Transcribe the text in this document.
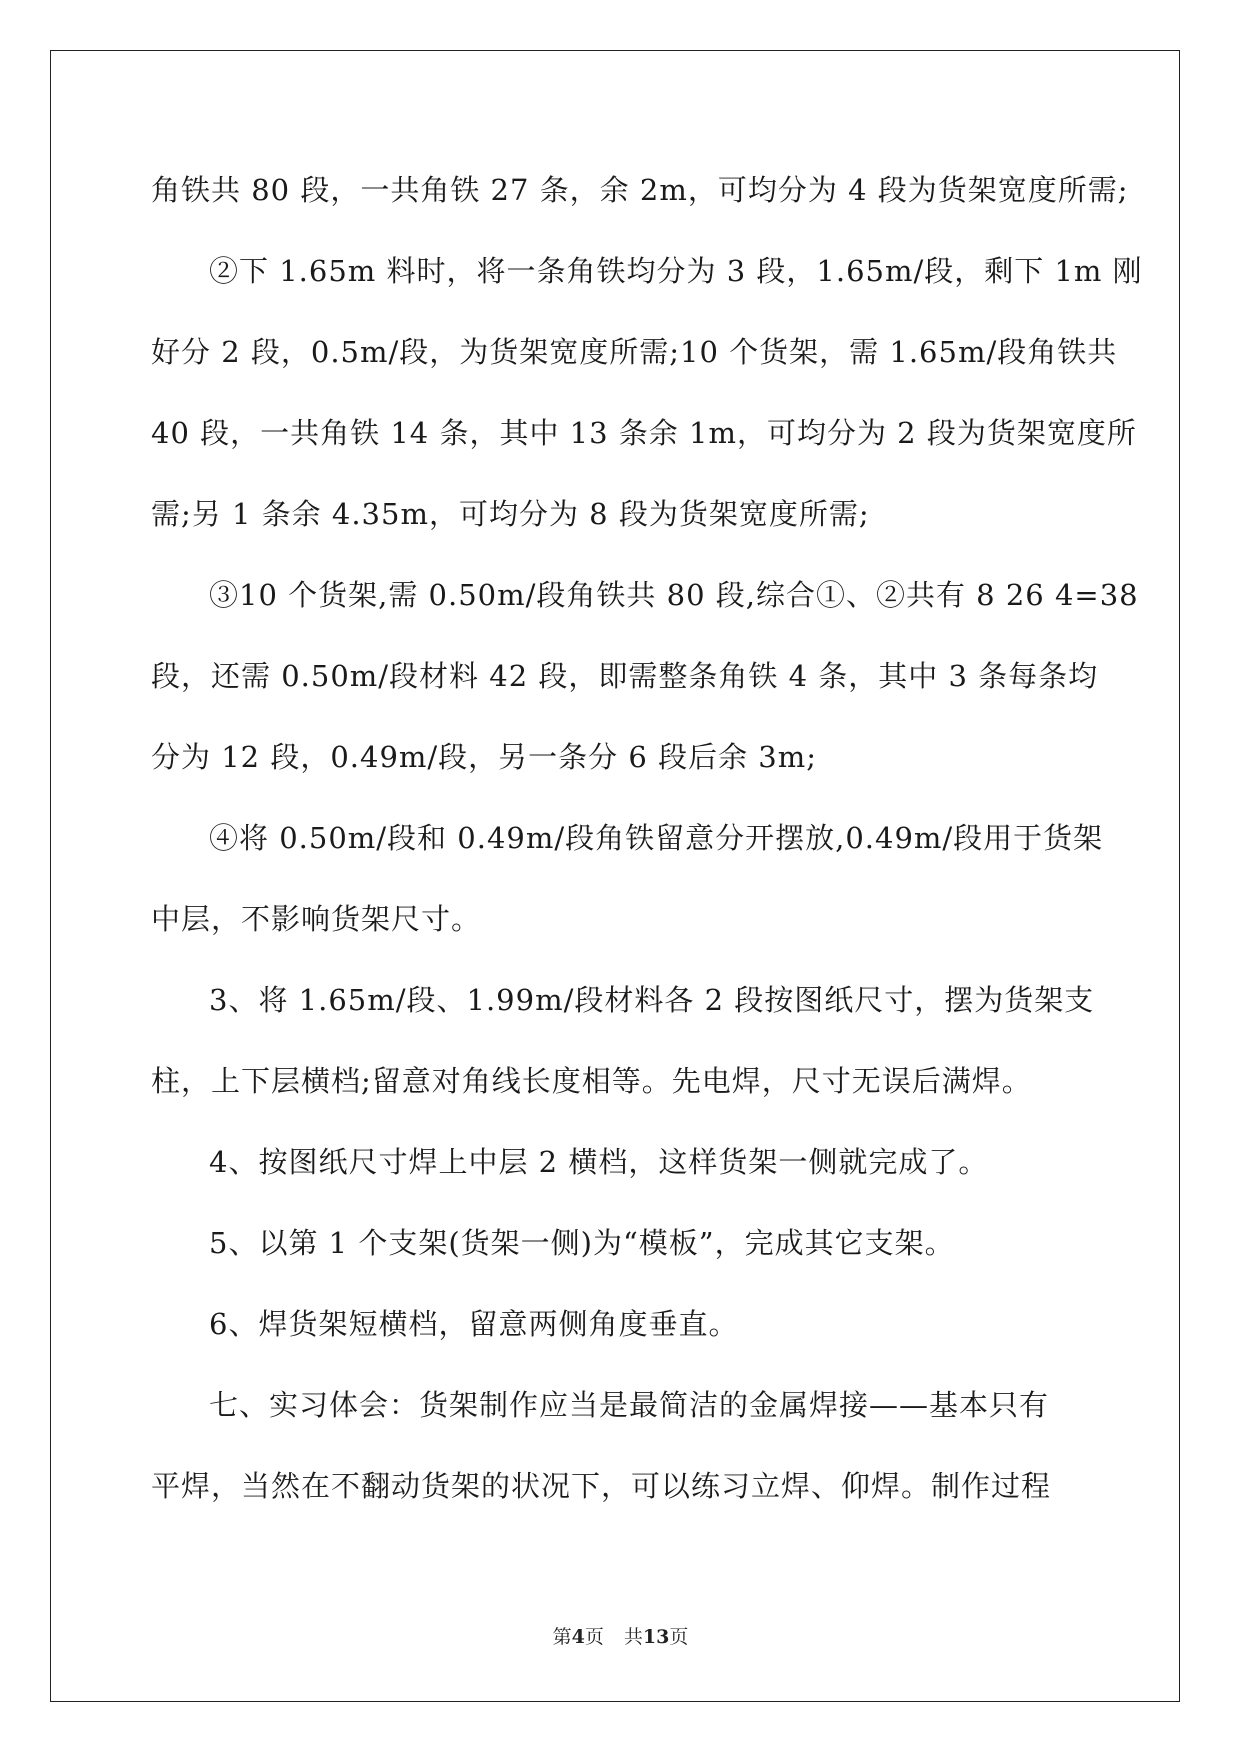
角铁共 80 段，一共角铁 27 条，余 2m，可均分为 4 段为货架宽度所需;
②下 1.65m 料时，将一条角铁均分为 3 段，1.65m/段，剩下 1m 刚
好分 2 段，0.5m/段，为货架宽度所需;10 个货架，需 1.65m/段角铁共
40 段，一共角铁 14 条，其中 13 条余 1m，可均分为 2 段为货架宽度所
需;另 1 条余 4.35m，可均分为 8 段为货架宽度所需;
③10 个货架,需 0.50m/段角铁共 80 段,综合①、②共有 8 26 4=38
段，还需 0.50m/段材料 42 段，即需整条角铁 4 条，其中 3 条每条均
分为 12 段，0.49m/段，另一条分 6 段后余 3m;
④将 0.50m/段和 0.49m/段角铁留意分开摆放,0.49m/段用于货架
中层，不影响货架尺寸。
3、将 1.65m/段、1.99m/段材料各 2 段按图纸尺寸，摆为货架支
柱，上下层横档;留意对角线长度相等。先电焊，尺寸无误后满焊。
4、按图纸尺寸焊上中层 2 横档，这样货架一侧就完成了。
5、以第 1 个支架(货架一侧)为“模板”，完成其它支架。
6、焊货架短横档，留意两侧角度垂直。
七、实习体会：货架制作应当是最简洁的金属焊接——基本只有
平焊，当然在不翻动货架的状况下，可以练习立焊、仰焊。制作过程
第4页 共13页
